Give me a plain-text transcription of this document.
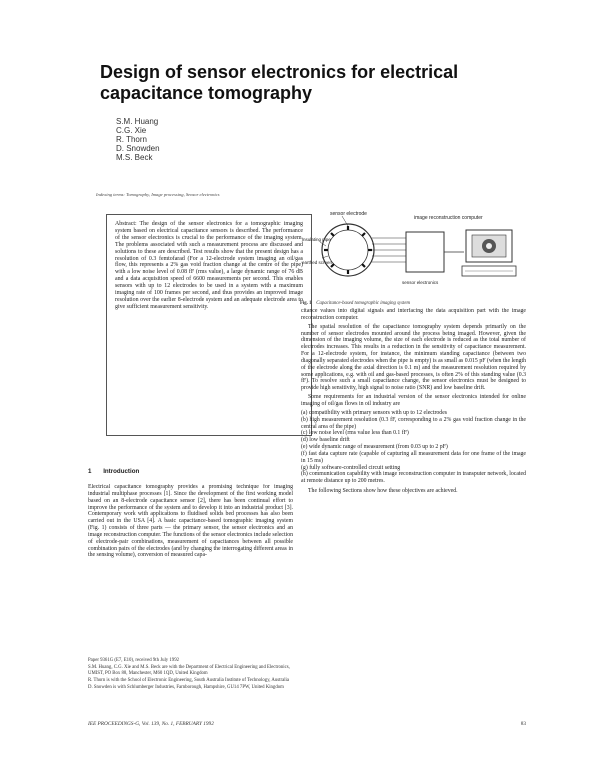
Design of sensor electronics for electrical
capacitance tomography
S.M. Huang
C.G. Xie
R. Thorn
D. Snowden
M.S. Beck
Indexing terms: Tomography, Image processing, Sensor electronics
Abstract: The design of the sensor electronics for a tomographic imaging system based on electrical capacitance sensors is described. The performance of the sensor electronics is crucial to the performance of the imaging system. The problems associated with such a measurement process are discussed and solutions to these are described. Test results show that the present design has a resolution of 0.3 femtofarad (For a 12-electrode system imaging an oil/gas flow, this represents a 2% gas void fraction change at the centre of the pipe) with a low noise level of 0.08 fF (rms value), a large dynamic range of 76 dB and a data acquisition speed of 6600 measurements per second. This enables sensors with up to 12 electrodes to be used in a system with a maximum imaging rate of 100 frames per second, and thus provides an improved image resolution over the earlier 8-electrode system and an adequate electrode area to give sufficient measurement sensitivity.
sensor electrode
image reconstruction computer
insulating pipe
earthed screen
sensor electronics
Fig. 1 Capacitance-based tomographic imaging system
1 Introduction

Electrical capacitance tomography provides a promising technique for imaging industrial multiphase processes [1]. Since the development of the first working model based on an 8-electrode capacitance sensor [2], there has been continual effort to improve the performance of the system and to develop it into an industrial product [3]. Contemporary work with applications to fluidised solids bed processes has also been carried out in the USA [4]. A basic capacitance-based tomographic imaging system (Fig. 1) consists of three parts — the primary sensor, the sensor electronics and an image reconstruction computer. The functions of the sensor electronics include selection of electrode-pair combinations, measurement of capacitances between all possible combination pairs of the electrodes (and by changing the interrogating different areas in the sensing volume), conversion of measured capa-

citance values into digital signals and interfacing the data acquisition part with the image reconstruction computer.

The spatial resolution of the capacitance tomography system depends primarily on the number of sensor electrodes mounted around the process being imaged. However, given the dimension of the imaging volume, the size of each electrode is reduced as the total number of electrodes increases. This results in a reduction in the sensitivity of capacitance measurement. For a 12-electrode system, for instance, the minimum standing capacitance (between two diagonally separated electrodes when the pipe is empty) is as small as 0.015 pF (when the length of the electrode along the axial direction is 0.1 m) and the measurement resolution required by some applications, e.g. with oil and gas-based processes, is often 2% of this standing value (0.3 fF). To resolve such a small capacitance change, the sensor electronics must be designed to provide high sensitivity, high signal to noise ratio (SNR) and low baseline drift.

Some requirements for an industrial version of the sensor electronics intended for online imaging of oil/gas flows in oil industry are

(a) compatibility with primary sensors with up to 12 electrodes

(b) high measurement resolution (0.3 fF, corresponding to a 2% gas void fraction change in the central area of the pipe)

(c) low noise level (rms value less than 0.1 fF)

(d) low baseline drift

(e) wide dynamic range of measurement (from 0.03 up to 2 pF)

(f) fast data capture rate (capable of capturing all measurement data for one frame of the image in 15 ms)

(g) fully software-controlled circuit setting

(h) communication capability with image reconstruction computer in transputer network, located at remote distance up to 200 metres.

The following Sections show how these objectives are achieved.

Paper 9361G (E7, E10), received 9th July 1992
S.M. Huang, C.G. Xie and M.S. Beck are with the Department of Electrical Engineering and Electronics, UMIST, PO Box 88, Manchester, M60 1QD, United Kingdom
R. Thorn is with the School of Electronic Engineering, South Australia Institute of Technology, Australia
D. Snowden is with Schlumberger Industries, Farnborough, Hampshire, GU14 7PW, United Kingdom
IEE PROCEEDINGS-G, Vol. 139, No. 1, FEBRUARY 1992	83
